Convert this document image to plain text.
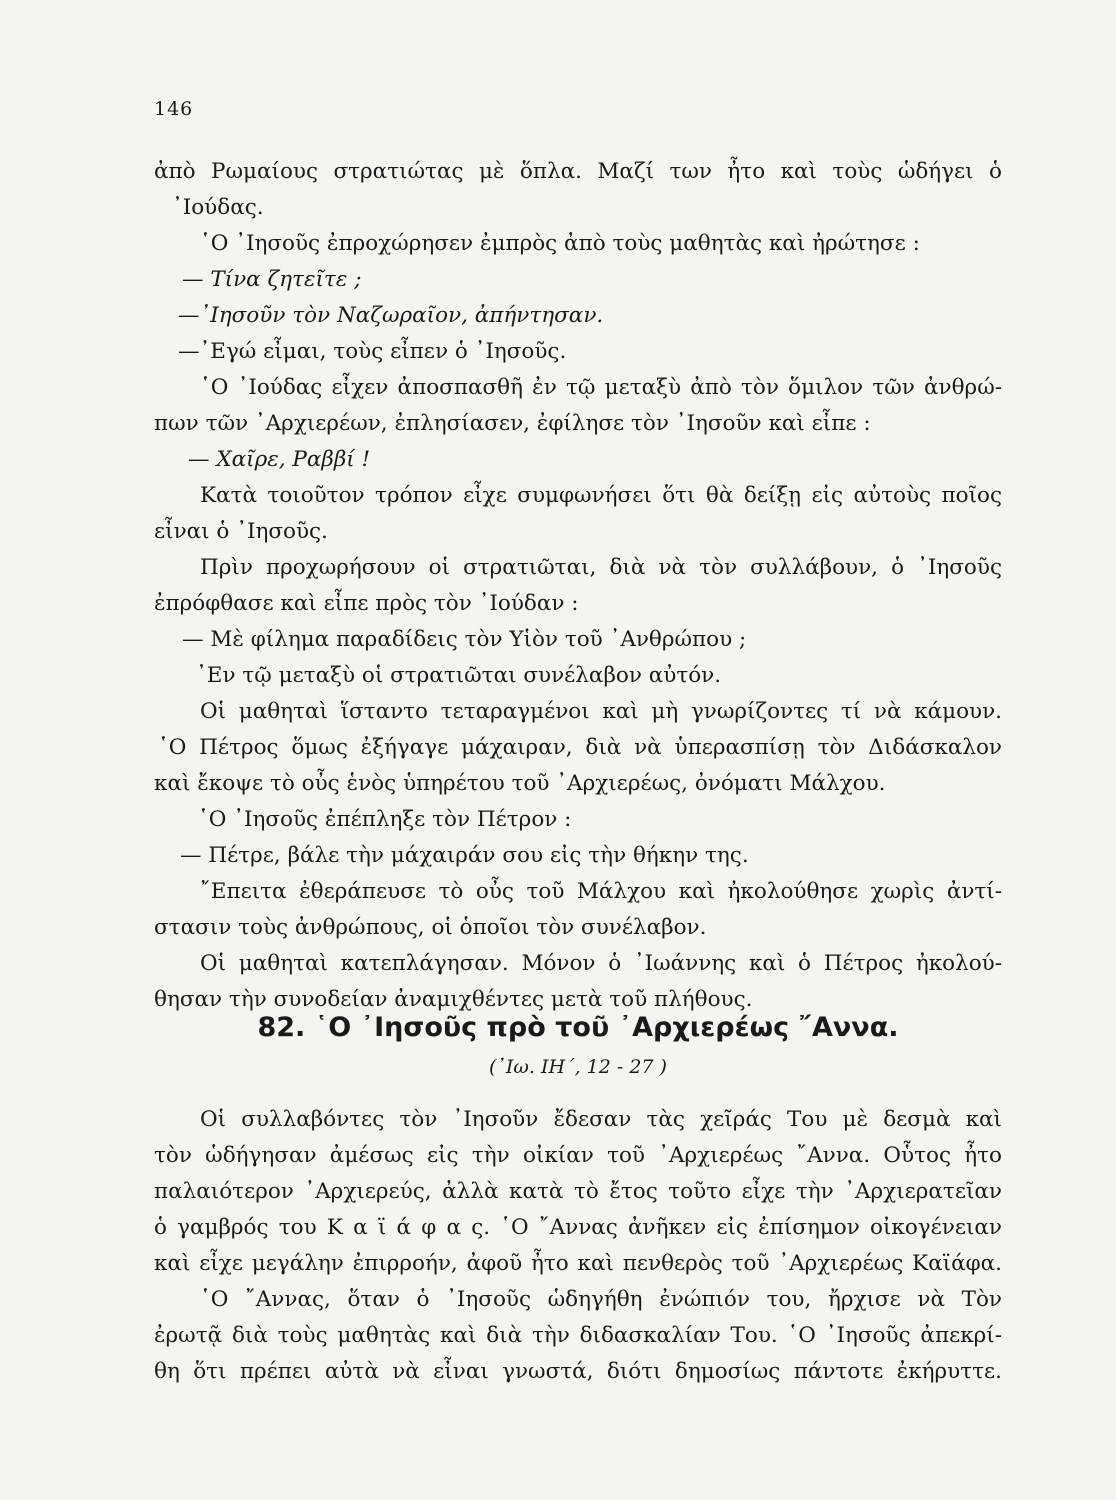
146
ἀπὸ Ρωμαίους στρατιώτας μὲ ὅπλα. Μαζί των ἦτο καὶ τοὺς ὡδήγει ὁ
᾿Ιούδας.
῾Ο ᾿Ιησοῦς ἐπροχώρησεν ἐμπρὸς ἀπὸ τοὺς μαθητὰς καὶ ἠρώτησε :
— Τίνα ζητεῖτε ;
—᾿Ιησοῦν τὸν Ναζωραῖον, ἀπήντησαν.
—᾿Εγώ εἶμαι, τοὺς εἶπεν ὁ ᾿Ιησοῦς.
῾Ο ᾿Ιούδας εἶχεν ἀποσπασθῆ ἐν τῷ μεταξὺ ἀπὸ τὸν ὅμιλον τῶν ἀνθρώ-
πων τῶν ᾿Αρχιερέων, ἐπλησίασεν, ἐφίλησε τὸν ᾿Ιησοῦν καὶ εἶπε :
— Χαῖρε, Ραββί !
Κατὰ τοιοῦτον τρόπον εἶχε συμφωνήσει ὅτι θὰ δείξῃ εἰς αὐτοὺς ποῖος
εἶναι ὁ ᾿Ιησοῦς.
Πρὶν προχωρήσουν οἱ στρατιῶται, διὰ νὰ τὸν συλλάβουν, ὁ ᾿Ιησοῦς
ἐπρόφθασε καὶ εἶπε πρὸς τὸν ᾿Ιούδαν :
— Μὲ φίλημα παραδίδεις τὸν Υἱὸν τοῦ ᾿Ανθρώπου ;
᾿Εν τῷ μεταξὺ οἱ στρατιῶται συνέλαβον αὐτόν.
Οἱ μαθηταὶ ἵσταντο τεταραγμένοι καὶ μὴ γνωρίζοντες τί νὰ κάμουν.
῾Ο Πέτρος ὅμως ἐξήγαγε μάχαιραν, διὰ νὰ ὑπερασπίσῃ τὸν Διδάσκαλον
καὶ ἔκοψε τὸ οὖς ἑνὸς ὑπηρέτου τοῦ ᾿Αρχιερέως, ὀνόματι Μάλχου.
῾Ο ᾿Ιησοῦς ἐπέπληξε τὸν Πέτρον :
— Πέτρε, βάλε τὴν μάχαιράν σου εἰς τὴν θήκην της.
῎Επειτα ἐθεράπευσε τὸ οὖς τοῦ Μάλχου καὶ ἠκολούθησε χωρὶς ἀντί-
στασιν τοὺς ἀνθρώπους, οἱ ὁποῖοι τὸν συνέλαβον.
Οἱ μαθηταὶ κατεπλάγησαν. Μόνον ὁ ᾿Ιωάννης καὶ ὁ Πέτρος ἠκολού-
θησαν τὴν συνοδείαν ἀναμιχθέντες μετὰ τοῦ πλήθους.
82. ῾Ο ᾿Ιησοῦς πρὸ τοῦ ᾿Αρχιερέως ῎Αννα.
(᾿Ιω. ΙΗ΄, 12 - 27 )
Οἱ συλλαβόντες τὸν ᾿Ιησοῦν ἔδεσαν τὰς χεῖράς Του μὲ δεσμὰ καὶ
τὸν ὡδήγησαν ἀμέσως εἰς τὴν οἰκίαν τοῦ ᾿Αρχιερέως ῎Αννα. Οὗτος ἦτο
παλαιότερον ᾿Αρχιερεύς, ἀλλὰ κατὰ τὸ ἔτος τοῦτο εἶχε τὴν ᾿Αρχιερατεῖαν
ὁ γαμβρός του Κ α ϊ ά φ α ς. ῾Ο ῎Αννας ἀνῆκεν εἰς ἐπίσημον οἰκογένειαν
καὶ εἶχε μεγάλην ἐπιρροήν, ἀφοῦ ἦτο καὶ πενθερὸς τοῦ ᾿Αρχιερέως Καϊάφα.
῾Ο ῎Αννας, ὅταν ὁ ᾿Ιησοῦς ὡδηγήθη ἐνώπιόν του, ἤρχισε νὰ Τὸν
ἐρωτᾷ διὰ τοὺς μαθητὰς καὶ διὰ τὴν διδασκαλίαν Του. ῾Ο ᾿Ιησοῦς ἀπεκρί-
θη ὅτι πρέπει αὐτὰ νὰ εἶναι γνωστά, διότι δημοσίως πάντοτε ἐκήρυττε.
